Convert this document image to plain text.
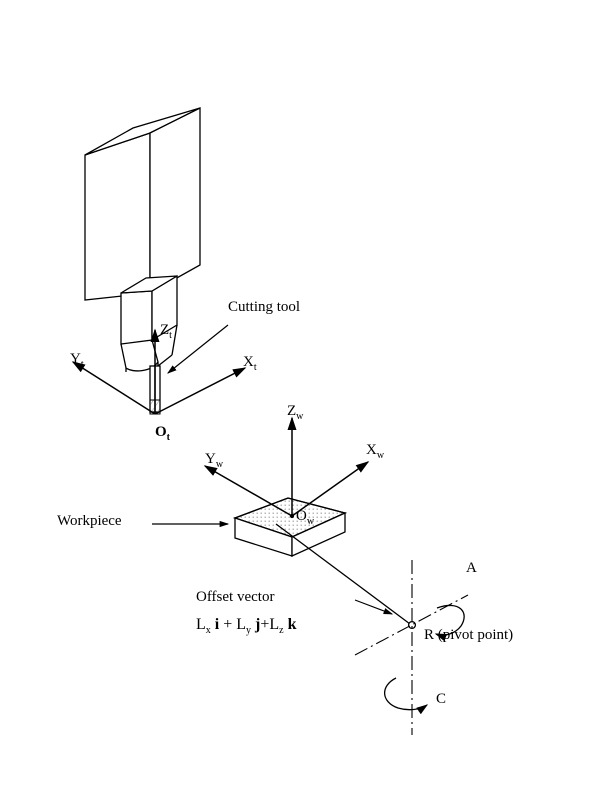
Cutting tool
$Z_t$
$X_t$
$Y_t$
$O_t$
$Z_w$
$X_w$
$Y_w$
$O_w$
Workpiece
Offset vector
$L_x$ $i + L_y$ $j+L_z$ k
R (pivot point)
A
C
